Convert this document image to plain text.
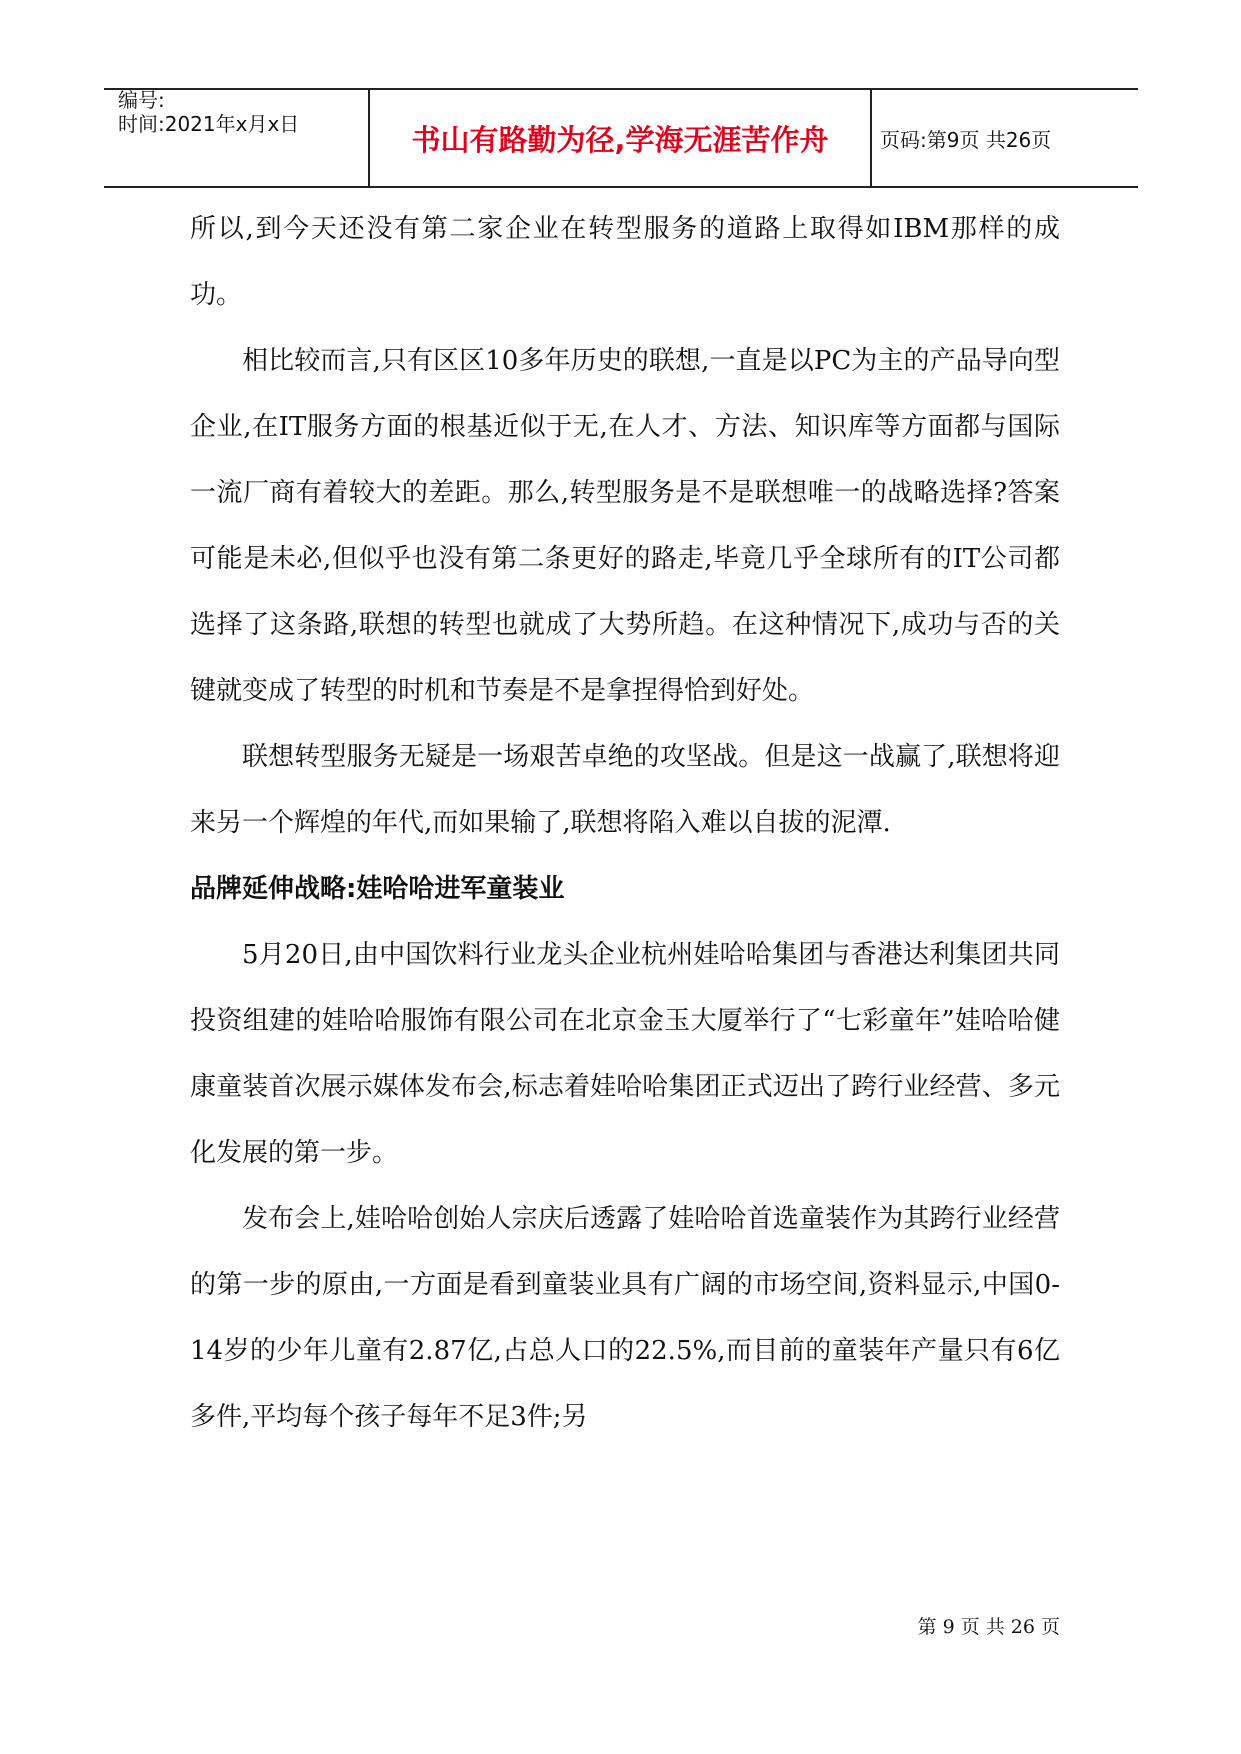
编号:
时间:2021年x月x日	书山有路勤为径,学海无涯苦作舟	页码:第9页 共26页

所以,到今天还没有第二家企业在转型服务的道路上取得如IBM那样的成功。

相比较而言,只有区区10多年历史的联想,一直是以PC为主的产品导向型企业,在IT服务方面的根基近似于无,在人才、方法、知识库等方面都与国际一流厂商有着较大的差距。那么,转型服务是不是联想唯一的战略选择?答案可能是未必,但似乎也没有第二条更好的路走,毕竟几乎全球所有的IT公司都选择了这条路,联想的转型也就成了大势所趋。在这种情况下,成功与否的关键就变成了转型的时机和节奏是不是拿捏得恰到好处。

联想转型服务无疑是一场艰苦卓绝的攻坚战。但是这一战赢了,联想将迎来另一个辉煌的年代,而如果输了,联想将陷入难以自拔的泥潭.

品牌延伸战略:娃哈哈进军童装业

5月20日,由中国饮料行业龙头企业杭州娃哈哈集团与香港达利集团共同投资组建的娃哈哈服饰有限公司在北京金玉大厦举行了“七彩童年”娃哈哈健康童装首次展示媒体发布会,标志着娃哈哈集团正式迈出了跨行业经营、多元化发展的第一步。

发布会上,娃哈哈创始人宗庆后透露了娃哈哈首选童装作为其跨行业经营的第一步的原由,一方面是看到童装业具有广阔的市场空间,资料显示,中国0-14岁的少年儿童有2.87亿,占总人口的22.5%,而目前的童装年产量只有6亿多件,平均每个孩子每年不足3件;另

第 9 页 共 26 页
